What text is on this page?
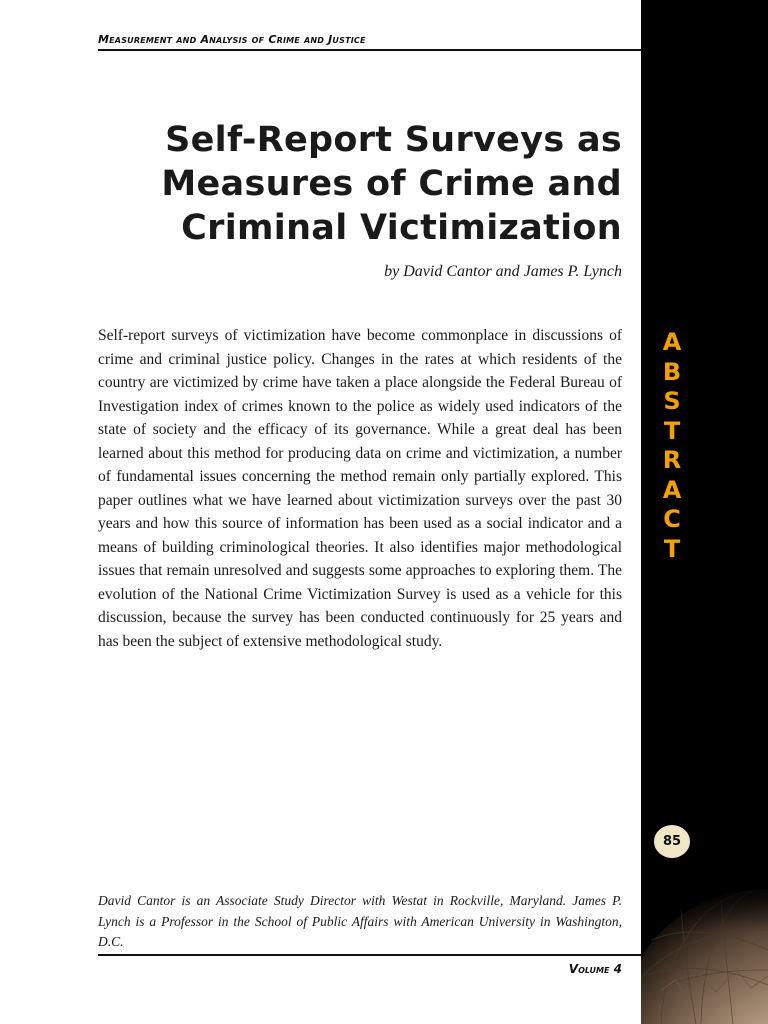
Measurement and Analysis of Crime and Justice
Self-Report Surveys as
Measures of Crime and
Criminal Victimization
by David Cantor and James P. Lynch

Self-report surveys of victimization have become commonplace in discussions of crime and criminal justice policy. Changes in the rates at which residents of the country are victimized by crime have taken a place alongside the Federal Bureau of Investigation index of crimes known to the police as widely used indicators of the state of society and the efficacy of its governance. While a great deal has been learned about this method for producing data on crime and victimization, a number of fundamental issues concerning the method remain only partially explored. This paper outlines what we have learned about victimization surveys over the past 30 years and how this source of information has been used as a social indicator and a means of building criminological theories. It also identifies major methodological issues that remain unresolved and suggests some approaches to exploring them. The evolution of the National Crime Victimization Survey is used as a vehicle for this discussion, because the survey has been conducted continuously for 25 years and has been the subject of extensive methodological study.

David Cantor is an Associate Study Director with Westat in Rockville, Maryland. James P. Lynch is a Professor in the School of Public Affairs with American University in Washington, D.C.

Volume 4
A
B
S
T
R
A
C
T
85
